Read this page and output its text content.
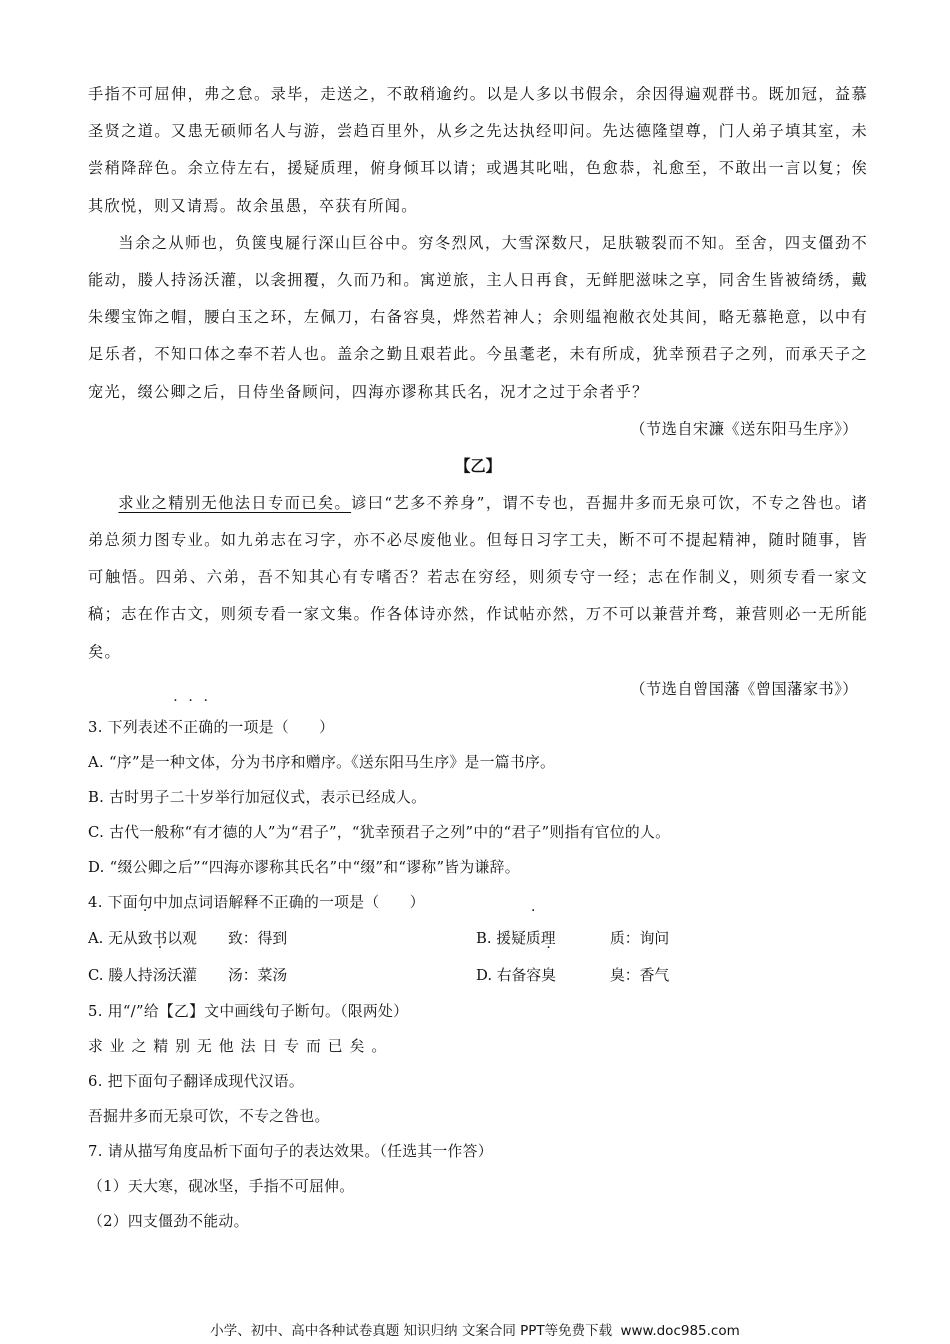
手指不可屈伸，弗之怠。录毕，走送之，不敢稍逾约。以是人多以书假余，余因得遍观群书。既加冠，益慕圣贤之道。又患无硕师名人与游，尝趋百里外，从乡之先达执经叩问。先达德隆望尊，门人弟子填其室，未尝稍降辞色。余立侍左右，援疑质理，俯身倾耳以请；或遇其叱咄，色愈恭，礼愈至，不敢出一言以复；俟其欣悦，则又请焉。故余虽愚，卒获有所闻。

当余之从师也，负箧曳屣行深山巨谷中。穷冬烈风，大雪深数尺，足肤皲裂而不知。至舍，四支僵劲不能动，媵人持汤沃灌，以衾拥覆，久而乃和。寓逆旅，主人日再食，无鲜肥滋味之享，同舍生皆被绮绣，戴朱缨宝饰之帽，腰白玉之环，左佩刀，右备容臭，烨然若神人；余则缊袍敝衣处其间，略无慕艳意，以中有足乐者，不知口体之奉不若人也。盖余之勤且艰若此。今虽耄老，未有所成，犹幸预君子之列，而承天子之宠光，缀公卿之后，日侍坐备顾问，四海亦谬称其氏名，况才之过于余者乎？

（节选自宋濂《送东阳马生序》）
【乙】

求业之精别无他法日专而已矣。谚曰“艺多不养身”，谓不专也，吾掘井多而无泉可饮，不专之咎也。诸弟总须力图专业。如九弟志在习字，亦不必尽废他业。但每日习字工夫，断不可不提起精神，随时随事，皆可触悟。四弟、六弟，吾不知其心有专嗜否？若志在穷经，则须专守一经；志在作制义，则须专看一家文稿；志在作古文，则须专看一家文集。作各体诗亦然，作试帖亦然，万不可以兼营并骛，兼营则必一无所能矣。

（节选自曾国藩《曾国藩家书》）

3. 下列表述不正确的一项是（　　）

A. “序”是一种文体，分为书序和赠序。《送东阳马生序》是一篇书序。

B. 古时男子二十岁举行加冠仪式，表示已经成人。

C. 古代一般称“有才德的人”为“君子”，“犹幸预君子之列”中的“君子”则指有官位的人。

D. “缀公卿之后”“四海亦谬称其氏名”中“缀”和“谬称”皆为谦辞。

4. 下面句中加点词语解释不正确的一项是（　　）

A. 无从致书以观	致：得到	B. 援疑质理	质：询问
C. 媵人持汤沃灌	汤：菜汤	D. 右备容臭	臭：香气

5. 用“/”给【乙】文中画线句子断句。（限两处）

求业之精别无他法日专而已矣。

6. 把下面句子翻译成现代汉语。

吾掘井多而无泉可饮，不专之咎也。

7. 请从描写角度品析下面句子的表达效果。（任选其一作答）

（1）天大寒，砚冰坚，手指不可屈伸。

（2）四支僵劲不能动。

小学、初中、高中各种试卷真题 知识归纳 文案合同 PPT等免费下载 www.doc985.com
